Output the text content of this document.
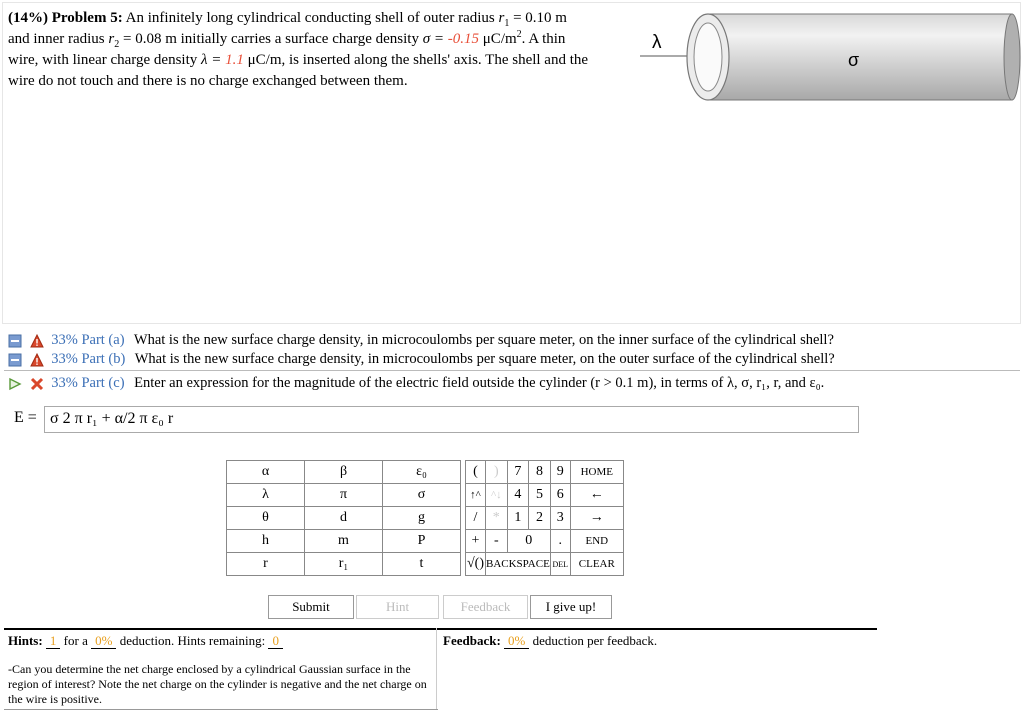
(14%) Problem 5: An infinitely long cylindrical conducting shell of outer radius $r_1 = 0.10$ m
and inner radius $r_2 = 0.08$ m initially carries a surface charge density σ = -0.15 $\mu C/m^2$. A thin
wire, with linear charge density λ = 1.1 μC/m, is inserted along the shells' axis. The shell and the
wire do not touch and there is no charge exchanged between them.
λ
σ
33% Part (a) What is the new surface charge density, in microcoulombs per square meter, on the inner surface of the cylindrical shell?
33% Part (b) What is the new surface charge density, in microcoulombs per square meter, on the outer surface of the cylindrical shell?
33% Part (c) Enter an expression for the magnitude of the electric field outside the cylinder (r > 0.1 m), in terms of λ, σ, r₁, r, and ε₀.
E = σ 2 π r₁ + α/2 π ε₀ r
α	β	ε₀
λ	π	σ
θ	d	g
h	m	P
r	r₁	t
(	)	7	8	9	HOME
↑^	^↓	4	5	6	←
/	*	1	2	3	→
+	-	0		.	END
√()	BACKSPACE			DEL	CLEAR
Submit	Hint	Feedback	I give up!
Hints: 1 for a 0% deduction. Hints remaining: 0	Feedback: 0% deduction per feedback.
-Can you determine the net charge enclosed by a cylindrical Gaussian surface in the region of interest? Note the net charge on the cylinder is negative and the net charge on the wire is positive.
